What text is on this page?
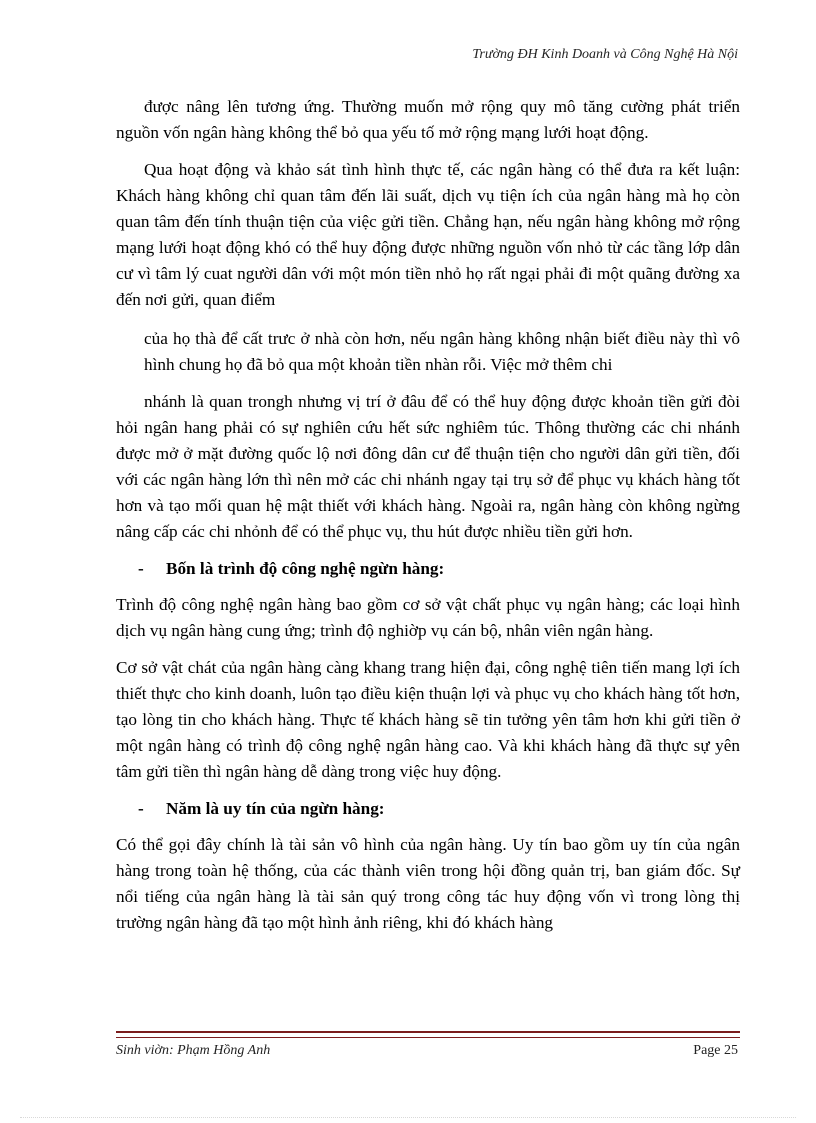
Trường ĐH Kinh Doanh và Công Nghệ Hà Nội

được nâng lên tương ứng. Thường muốn mở rộng quy mô tăng cường phát triển nguồn vốn ngân hàng không thể bỏ qua yếu tố mở rộng mạng lưới hoạt động.

Qua hoạt động và khảo sát tình hình thực tế, các ngân hàng có thể đưa ra kết luận: Khách hàng không chỉ quan tâm đến lãi suất, dịch vụ tiện ích của ngân hàng mà họ còn quan tâm đến tính thuận tiện của việc gửi tiền. Chẳng hạn, nếu ngân hàng không mở rộng mạng lưới hoạt động khó có thể huy động được những nguồn vốn nhỏ từ các tầng lớp dân cư vì tâm lý cuat người dân với một món tiền nhỏ họ rất ngại phải đi một quãng đường xa đến nơi gửi, quan điểm

của họ thà để cất trưc ở nhà còn hơn, nếu ngân hàng không nhận biết điều này thì vô hình chung họ đã bỏ qua một khoản tiền nhàn rỗi. Việc mở thêm chi

nhánh là quan trongh nhưng vị trí ở đâu để có thể huy động được khoản tiền gửi đòi hỏi ngân hang phải có sự nghiên cứu hết sức nghiêm túc. Thông thường các chi nhánh được mở ở mặt đường quốc lộ nơi đông dân cư để thuận tiện cho người dân gửi tiền, đối với các ngân hàng lớn thì nên mở các chi nhánh ngay tại trụ sở để phục vụ khách hàng tốt hơn và tạo mối quan hệ mật thiết với khách hàng. Ngoài ra, ngân hàng còn không ngừng nâng cấp các chi nhỏnh để có thể phục vụ, thu hút được nhiều tiền gửi hơn.

- Bốn là trình độ công nghệ ngừn hàng:

Trình độ công nghệ ngân hàng bao gồm cơ sở vật chất phục vụ ngân hàng; các loại hình dịch vụ ngân hàng cung ứng; trình độ nghiờp vụ cán bộ, nhân viên ngân hàng.

Cơ sở vật chát của ngân hàng càng khang trang hiện đại, công nghệ tiên tiến mang lợi ích thiết thực cho kinh doanh, luôn tạo điều kiện thuận lợi và phục vụ cho khách hàng tốt hơn, tạo lòng tin cho khách hàng. Thực tế khách hàng sẽ tin tưởng yên tâm hơn khi gửi tiền ở một ngân hàng có trình độ công nghệ ngân hàng cao. Và khi khách hàng đã thực sự yên tâm gửi tiền thì ngân hàng dễ dàng trong việc huy động.

- Năm là uy tín của ngừn hàng:

Có thể gọi đây chính là tài sản vô hình của ngân hàng. Uy tín bao gồm uy tín của ngân hàng trong toàn hệ thống, của các thành viên trong hội đồng quản trị, ban giám đốc. Sự nổi tiếng của ngân hàng là tài sản quý trong công tác huy động vốn vì trong lòng thị trường ngân hàng đã tạo một hình ảnh riêng, khi đó khách hàng

Sinh viờn: Phạm Hồng Anh	Page 25
